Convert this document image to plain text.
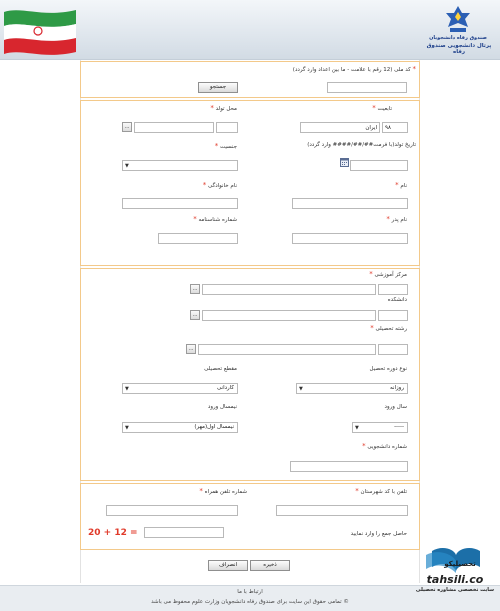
صندوق رفاه دانشجویان
پرتال دانشجویی صندوق رفاه
* کد ملی (12 رقم با علامت - ما بین اعداد وارد گردد)
جستجو
تابعیت *
۹۸
ایران
محل تولد *
...
تاریخ تولد(با فرمت##/##/#### وارد گردد)
جنسیت *
▼
نام *
نام خانوادگی *
نام پدر *
شماره شناسنامه *
مرکز آموزشی *
...
دانشکده
...
رشته تحصیلی *
...
نوع دوره تحصیل
▼	روزانه
مقطع تحصیلی
▼	کاردانی
سال ورود
▼	-----
نیمسال ورود
▼	نیمسال اول(مهر)
شماره دانشجویی *
تلفن با کد شهرستان *
شماره تلفن همراه *
حاصل جمع را وارد نمایید
20 + 12 =
ذخیره
انصراف
ارتباط با ما
© تمامی حقوق این سایت برای صندوق رفاه دانشجویان وزارت علوم محفوظ می باشد
تحصیلیکو
tahsili.co
سایت تخصصی مشاوره تحصیلی
